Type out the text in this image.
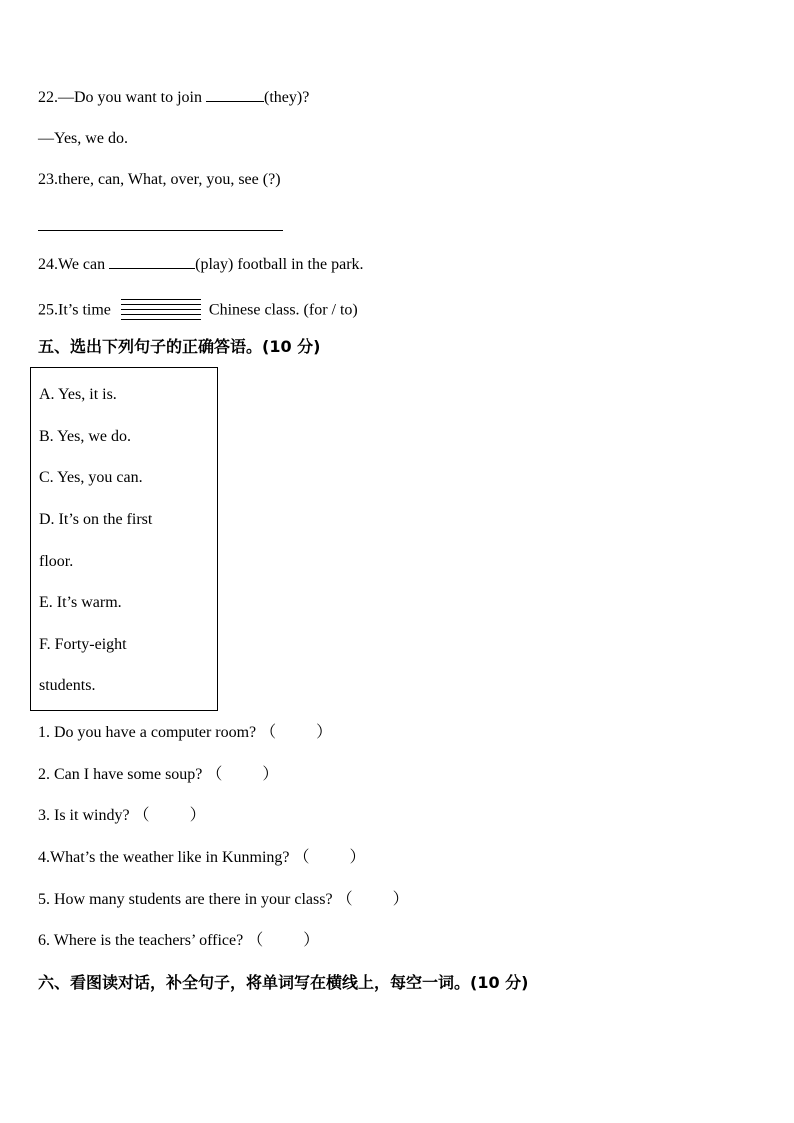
22.—Do you want to join	(they)?
—Yes, we do.
23.there, can, What, over, you, see (?)
24.We can	(play) football in the park.
25.It’s time	Chinese class. (for / to)
五、选出下列句子的正确答语。(10 分)
A. Yes, it is.
B. Yes, we do.
C. Yes, you can.
D. It’s on the first
floor.
E. It’s warm.
F. Forty-eight
students.
1. Do you have a computer room? （	）
2. Can I have some soup? （	）
3. Is it windy? （	）
4.What’s the weather like in Kunming? （	）
5. How many students are there in your class? （	）
6. Where is the teachers’ office? （	）
六、看图读对话，补全句子，将单词写在横线上，每空一词。(10 分)
